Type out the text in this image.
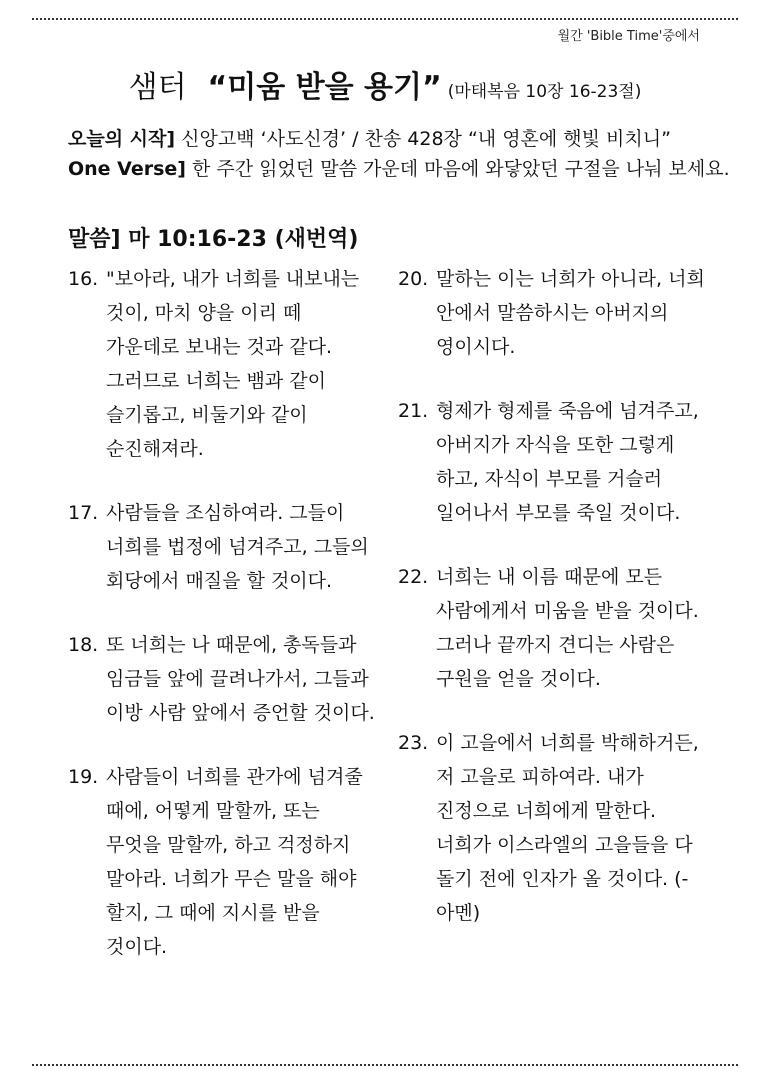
월간 'Bible Time'중에서
샘터 “미움 받을 용기” (마태복음 10장 16-23절)
오늘의 시작] 신앙고백 ‘사도신경’ / 찬송 428장 “내 영혼에 햇빛 비치니”
One Verse] 한 주간 읽었던 말씀 가운데 마음에 와닿았던 구절을 나눠 보세요.
말씀] 마 10:16-23 (새번역)
16. "보아라, 내가 너희를 내보내는 것이, 마치 양을 이리 떼 가운데로 보내는 것과 같다. 그러므로 너희는 뱀과 같이 슬기롭고, 비둘기와 같이 순진해져라.
17. 사람들을 조심하여라. 그들이 너희를 법정에 넘겨주고, 그들의 회당에서 매질을 할 것이다.
18. 또 너희는 나 때문에, 총독들과 임금들 앞에 끌려나가서, 그들과 이방 사람 앞에서 증언할 것이다.
19. 사람들이 너희를 관가에 넘겨줄 때에, 어떻게 말할까, 또는 무엇을 말할까, 하고 걱정하지 말아라. 너희가 무슨 말을 해야 할지, 그 때에 지시를 받을 것이다.
20. 말하는 이는 너희가 아니라, 너희 안에서 말씀하시는 아버지의 영이시다.
21. 형제가 형제를 죽음에 넘겨주고, 아버지가 자식을 또한 그렇게 하고, 자식이 부모를 거슬러 일어나서 부모를 죽일 것이다.
22. 너희는 내 이름 때문에 모든 사람에게서 미움을 받을 것이다. 그러나 끝까지 견디는 사람은 구원을 얻을 것이다.
23. 이 고을에서 너희를 박해하거든, 저 고을로 피하여라. 내가 진정으로 너희에게 말한다. 너희가 이스라엘의 고을들을 다 돌기 전에 인자가 올 것이다. (-아멘)
